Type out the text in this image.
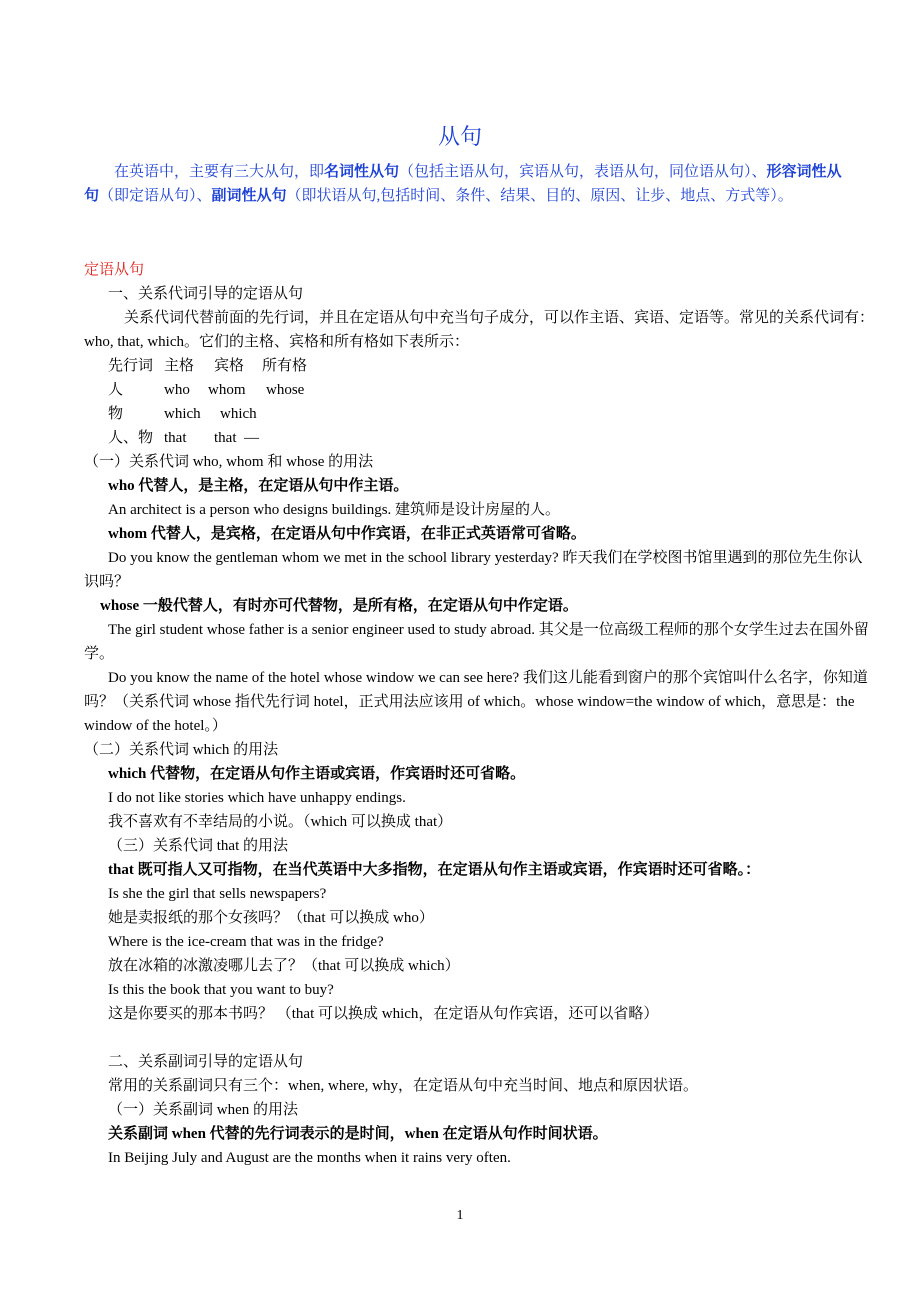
从句
在英语中，主要有三大从句，即名词性从句（包括主语从句，宾语从句，表语从句，同位语从句）、形容词性从句（即定语从句）、副词性从句（即状语从句,包括时间、条件、结果、目的、原因、让步、地点、方式等）。
定语从句
一、关系代词引导的定语从句
关系代词代替前面的先行词，并且在定语从句中充当句子成分，可以作主语、宾语、定语等。常见的关系代词有：who, that, which。它们的主格、宾格和所有格如下表所示：
先行词 主格 宾格 所有格
人	who whom whose
物	which which
人、物 that that —
（一）关系代词 who, whom 和 whose 的用法
who 代替人，是主格，在定语从句中作主语。
An architect is a person who designs buildings. 建筑师是设计房屋的人。
whom 代替人，是宾格，在定语从句中作宾语，在非正式英语常可省略。
Do you know the gentleman whom we met in the school library yesterday? 昨天我们在学校图书馆里遇到的那位先生你认识吗？
whose 一般代替人，有时亦可代替物，是所有格，在定语从句中作定语。
The girl student whose father is a senior engineer used to study abroad. 其父是一位高级工程师的那个女学生过去在国外留学。
Do you know the name of the hotel whose window we can see here? 我们这儿能看到窗户的那个宾馆叫什么名字，你知道吗？（关系代词 whose 指代先行词 hotel，正式用法应该用 of which。whose window=the window of which，意思是：the window of the hotel。）
（二）关系代词 which 的用法
which 代替物，在定语从句作主语或宾语，作宾语时还可省略。
I do not like stories which have unhappy endings.
我不喜欢有不幸结局的小说。（which 可以换成 that）
（三）关系代词 that 的用法
that 既可指人又可指物，在当代英语中大多指物，在定语从句作主语或宾语，作宾语时还可省略。：
Is she the girl that sells newspapers?
她是卖报纸的那个女孩吗？（that 可以换成 who）
Where is the ice-cream that was in the fridge?
放在冰箱的冰激凌哪儿去了？（that 可以换成 which）
Is this the book that you want to buy?
这是你要买的那本书吗？ （that 可以换成 which，在定语从句作宾语，还可以省略）
二、关系副词引导的定语从句
常用的关系副词只有三个：when, where, why，在定语从句中充当时间、地点和原因状语。
（一）关系副词 when 的用法
关系副词 when 代替的先行词表示的是时间，when 在定语从句作时间状语。
In Beijing July and August are the months when it rains very often.
1
